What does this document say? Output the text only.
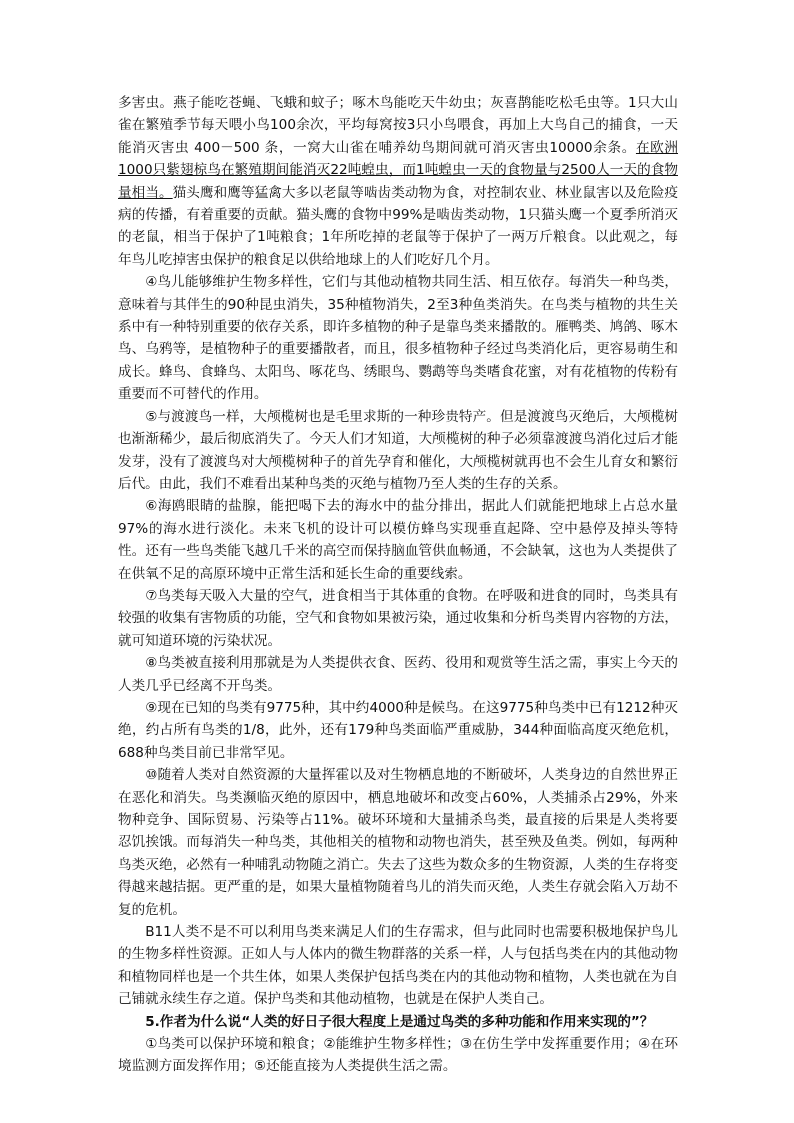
多害虫。燕子能吃苍蝇、飞蛾和蚊子；啄木鸟能吃天牛幼虫；灰喜鹊能吃松毛虫等。1只大山雀在繁殖季节每天喂小鸟100余次，平均每窝按3只小鸟喂食，再加上大鸟自己的捕食，一天能消灭害虫 400－500 条，一窝大山雀在哺养幼鸟期间就可消灭害虫10000余条。在欧洲1000只紫翅椋鸟在繁殖期间能消灭22吨蝗虫，而1吨蝗虫一天的食物量与2500人一天的食物量相当。猫头鹰和鹰等猛禽大多以老鼠等啮齿类动物为食，对控制农业、林业鼠害以及危险疫病的传播，有着重要的贡献。猫头鹰的食物中99%是啮齿类动物，1只猫头鹰一个夏季所消灭的老鼠，相当于保护了1吨粮食；1年所吃掉的老鼠等于保护了一两万斤粮食。以此观之，每年鸟儿吃掉害虫保护的粮食足以供给地球上的人们吃好几个月。

④鸟儿能够维护生物多样性，它们与其他动植物共同生活、相互依存。每消失一种鸟类，意味着与其伴生的90种昆虫消失，35种植物消失，2至3种鱼类消失。在鸟类与植物的共生关系中有一种特别重要的依存关系，即许多植物的种子是靠鸟类来播散的。雁鸭类、鸠鸽、啄木鸟、乌鸦等，是植物种子的重要播散者，而且，很多植物种子经过鸟类消化后，更容易萌生和成长。蜂鸟、食蜂鸟、太阳鸟、啄花鸟、绣眼鸟、鹦鹉等鸟类嗜食花蜜，对有花植物的传粉有重要而不可替代的作用。

⑤与渡渡鸟一样，大颅榄树也是毛里求斯的一种珍贵特产。但是渡渡鸟灭绝后，大颅榄树也渐渐稀少，最后彻底消失了。今天人们才知道，大颅榄树的种子必须靠渡渡鸟消化过后才能发芽，没有了渡渡鸟对大颅榄树种子的首先孕育和催化，大颅榄树就再也不会生儿育女和繁衍后代。由此，我们不难看出某种鸟类的灭绝与植物乃至人类的生存的关系。

⑥海鸥眼睛的盐腺，能把喝下去的海水中的盐分排出，据此人们就能把地球上占总水量97%的海水进行淡化。未来飞机的设计可以模仿蜂鸟实现垂直起降、空中悬停及掉头等特性。还有一些鸟类能飞越几千米的高空而保持脑血管供血畅通，不会缺氧，这也为人类提供了在供氧不足的高原环境中正常生活和延长生命的重要线索。

⑦鸟类每天吸入大量的空气，进食相当于其体重的食物。在呼吸和进食的同时，鸟类具有较强的收集有害物质的功能，空气和食物如果被污染，通过收集和分析鸟类胃内容物的方法，就可知道环境的污染状况。

⑧鸟类被直接利用那就是为人类提供衣食、医药、役用和观赏等生活之需，事实上今天的人类几乎已经离不开鸟类。

⑨现在已知的鸟类有9775种，其中约4000种是候鸟。在这9775种鸟类中已有1212种灭绝，约占所有鸟类的1/8，此外，还有179种鸟类面临严重威胁，344种面临高度灭绝危机，688种鸟类目前已非常罕见。

⑩随着人类对自然资源的大量挥霍以及对生物栖息地的不断破坏，人类身边的自然世界正在恶化和消失。鸟类濒临灭绝的原因中，栖息地破坏和改变占60%，人类捕杀占29%，外来物种竞争、国际贸易、污染等占11%。破坏环境和大量捕杀鸟类，最直接的后果是人类将要忍饥挨饿。而每消失一种鸟类，其他相关的植物和动物也消失，甚至殃及鱼类。例如，每两种鸟类灭绝，必然有一种哺乳动物随之消亡。失去了这些为数众多的生物资源，人类的生存将变得越来越拮据。更严重的是，如果大量植物随着鸟儿的消失而灭绝，人类生存就会陷入万劫不复的危机。

B11人类不是不可以利用鸟类来满足人们的生存需求，但与此同时也需要积极地保护鸟儿的生物多样性资源。正如人与人体内的微生物群落的关系一样，人与包括鸟类在内的其他动物和植物同样也是一个共生体，如果人类保护包括鸟类在内的其他动物和植物，人类也就在为自己铺就永续生存之道。保护鸟类和其他动植物，也就是在保护人类自己。

5.作者为什么说“人类的好日子很大程度上是通过鸟类的多种功能和作用来实现的”？

①鸟类可以保护环境和粮食；②能维护生物多样性；③在仿生学中发挥重要作用；④在环境监测方面发挥作用；⑤还能直接为人类提供生活之需。
